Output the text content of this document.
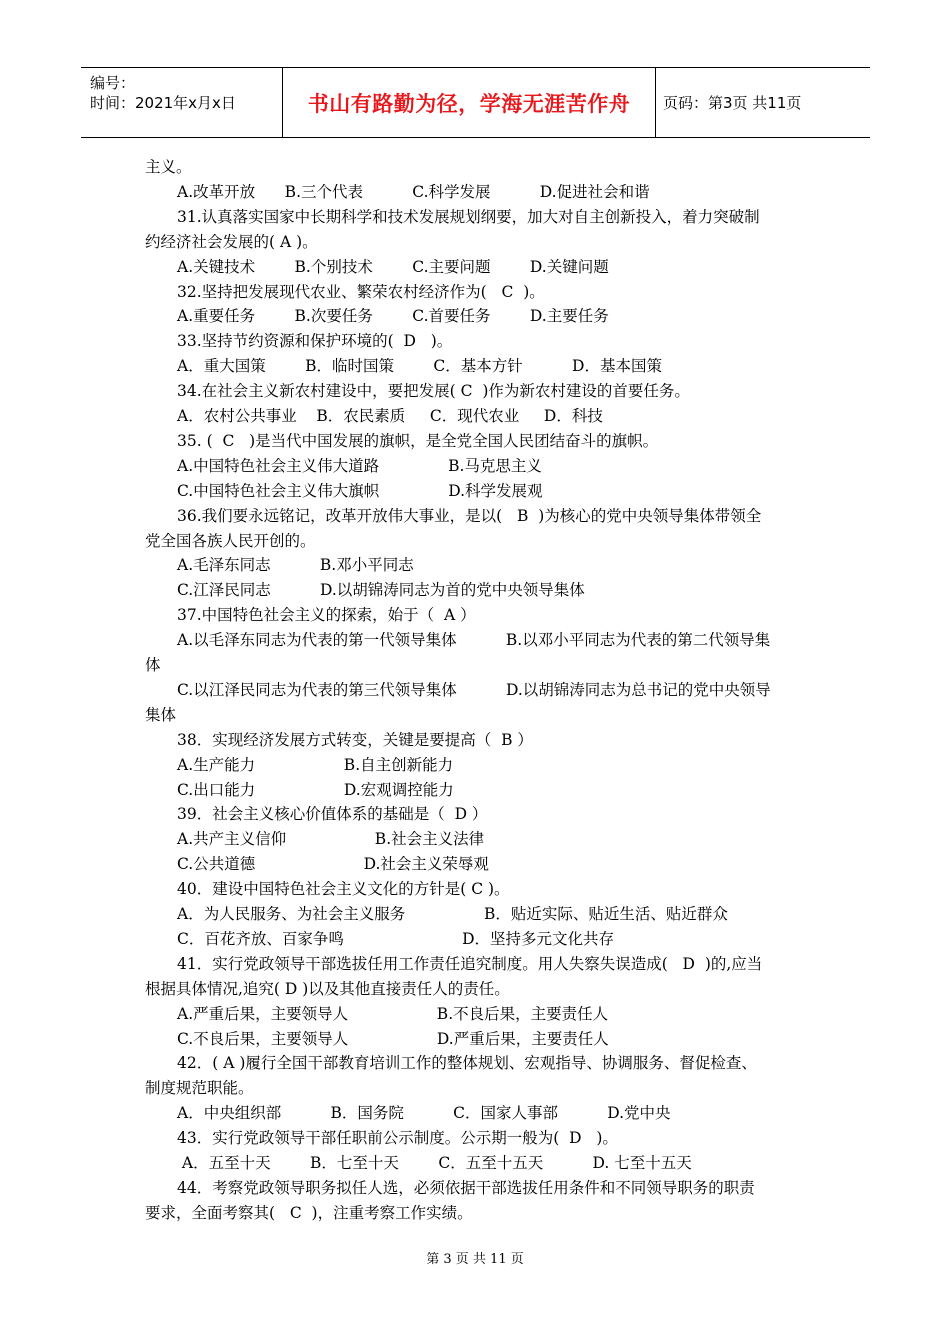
编号：
时间：2021年x月x日	书山有路勤为径，学海无涯苦作舟 页码：第3页 共11页
主义。
A.改革开放      B.三个代表          C.科学发展          D.促进社会和谐
31.认真落实国家中长期科学和技术发展规划纲要，加大对自主创新投入，着力突破制
约经济社会发展的( A )。
A.关键技术        B.个别技术        C.主要问题        D.关键问题
32.坚持把发展现代农业、繁荣农村经济作为(   C  )。
A.重要任务        B.次要任务        C.首要任务        D.主要任务
33.坚持节约资源和保护环境的(  D   )。
A．重大国策        B．临时国策        C．基本方针          D．基本国策
34.在社会主义新农村建设中，要把发展( C  )作为新农村建设的首要任务。
A．农村公共事业    B．农民素质     C．现代农业     D．科技
35. (  C   )是当代中国发展的旗帜，是全党全国人民团结奋斗的旗帜。
A.中国特色社会主义伟大道路              B.马克思主义
C.中国特色社会主义伟大旗帜              D.科学发展观
36.我们要永远铭记，改革开放伟大事业，是以(   B  )为核心的党中央领导集体带领全
党全国各族人民开创的。
A.毛泽东同志          B.邓小平同志
C.江泽民同志          D.以胡锦涛同志为首的党中央领导集体
37.中国特色社会主义的探索，始于（  A ）
A.以毛泽东同志为代表的第一代领导集体          B.以邓小平同志为代表的第二代领导集
体
C.以江泽民同志为代表的第三代领导集体          D.以胡锦涛同志为总书记的党中央领导
集体
38．实现经济发展方式转变，关键是要提高（  B ）
A.生产能力                  B.自主创新能力
C.出口能力                  D.宏观调控能力
39．社会主义核心价值体系的基础是（  D ）
A.共产主义信仰                  B.社会主义法律
C.公共道德                      D.社会主义荣辱观
40．建设中国特色社会主义文化的方针是( C )。
A．为人民服务、为社会主义服务                B．贴近实际、贴近生活、贴近群众
C．百花齐放、百家争鸣                        D．坚持多元文化共存
41．实行党政领导干部选拔任用工作责任追究制度。用人失察失误造成(   D  )的,应当
根据具体情况,追究( D )以及其他直接责任人的责任。
A.严重后果，主要领导人                  B.不良后果，主要责任人
C.不良后果，主要领导人                  D.严重后果，主要责任人
42．( A )履行全国干部教育培训工作的整体规划、宏观指导、协调服务、督促检查、
制度规范职能。
A．中央组织部          B．国务院          C．国家人事部          D.党中央
43．实行党政领导干部任职前公示制度。公示期一般为(  D   )。
A．五至十天        B．七至十天        C．五至十五天          D. 七至十五天
44．考察党政领导职务拟任人选，必须依据干部选拔任用条件和不同领导职务的职责
要求，全面考察其(   C  )，注重考察工作实绩。
第 3 页 共 11 页
